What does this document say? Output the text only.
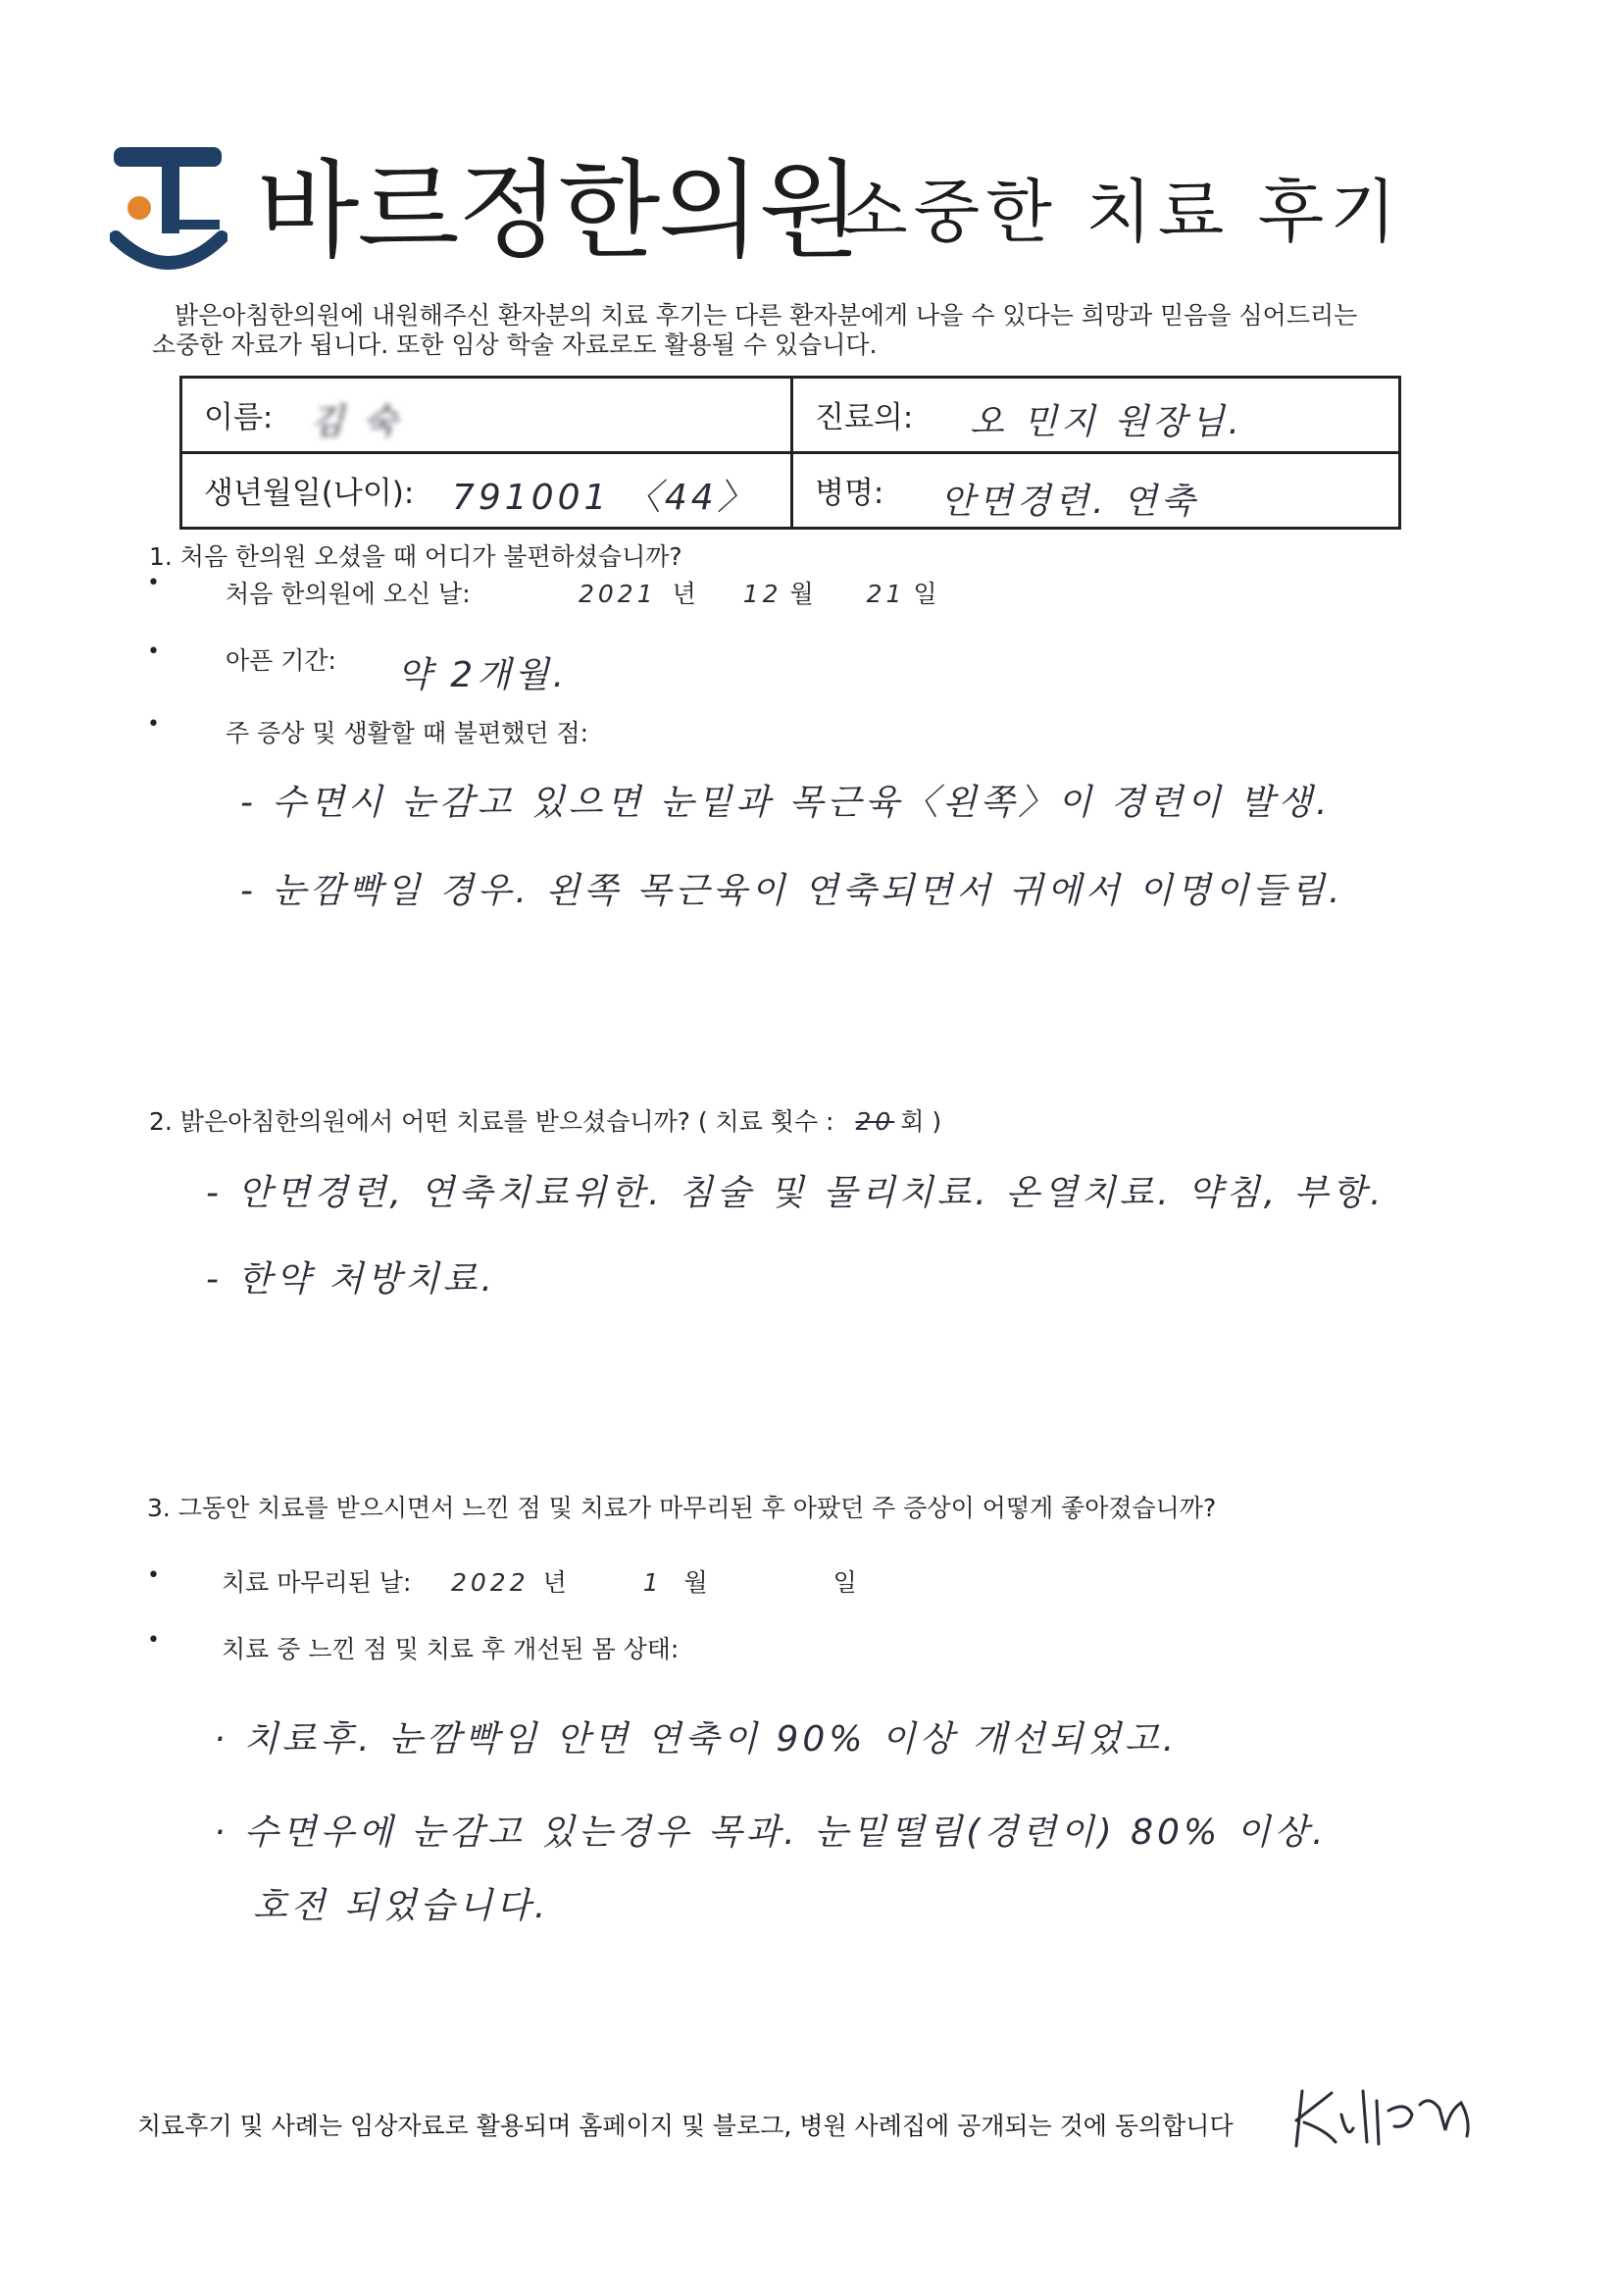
바르정한의원
소중한 치료 후기
밝은아침한의원에 내원해주신 환자분의 치료 후기는 다른 환자분에게 나을 수 있다는 희망과 믿음을 심어드리는
소중한 자료가 됩니다. 또한 임상 학술 자료로도 활용될 수 있습니다.
이름: 김 숙	진료의: 오 민지 원장님.

생년월일(나이): 791001 〈44〉	병명: 안면경련. 연축
1. 처음 한의원 오셨을 때 어디가 불편하셨습니까?
•	처음 한의원에 오신 날:	2021 년 12 월 21 일
•	아픈 기간: 약 2개월.
•	주 증상 및 생활할 때 불편했던 점:
- 수면시 눈감고 있으면 눈밑과 목근육〈왼쪽〉이 경련이 발생.
- 눈깜빡일 경우. 왼쪽 목근육이 연축되면서 귀에서 이명이들림.
2. 밝은아침한의원에서 어떤 치료를 받으셨습니까? ( 치료 횟수 : 20 회 )
- 안면경련, 연축치료위한. 침술 및 물리치료. 온열치료. 약침, 부항.
- 한약 처방치료.
3. 그동안 치료를 받으시면서 느낀 점 및 치료가 마무리된 후 아팠던 주 증상이 어떻게 좋아졌습니까?
•	치료 마무리된 날: 2022 년	1 월	일
•	치료 중 느낀 점 및 치료 후 개선된 몸 상태:
· 치료후. 눈깜빡임 안면 연축이 90% 이상 개선되었고.
· 수면우에 눈감고 있는경우 목과. 눈밑떨림(경련이) 80% 이상.
호전 되었습니다.
치료후기 및 사례는 임상자료로 활용되며 홈페이지 및 블로그, 병원 사례집에 공개되는 것에 동의합니다
